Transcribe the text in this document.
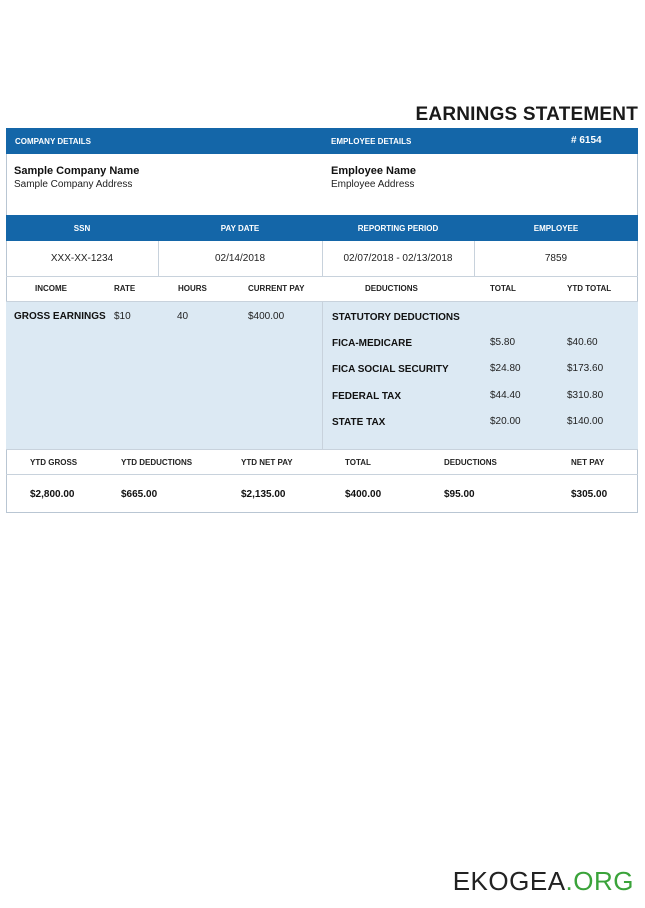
EARNINGS STATEMENT
COMPANY DETAILS	EMPLOYEE DETAILS	# 6154
Sample Company Name
Sample Company Address
Employee Name
Employee Address
SSN	PAY DATE	REPORTING PERIOD	EMPLOYEE
XXX-XX-1234	02/14/2018	02/07/2018 - 02/13/2018	7859
INCOME	RATE	HOURS	CURRENT PAY	DEDUCTIONS	TOTAL	YTD TOTAL
GROSS EARNINGS $10	40	$400.00	STATUTORY DEDUCTIONS
FICA-MEDICARE	$5.80	$40.60
FICA SOCIAL SECURITY	$24.80	$173.60
FEDERAL TAX	$44.40	$310.80
STATE TAX	$20.00	$140.00
YTD GROSS	YTD DEDUCTIONS	YTD NET PAY	TOTAL	DEDUCTIONS	NET PAY
$2,800.00	$665.00	$2,135.00	$400.00	$95.00	$305.00
EKOGEA.ORG
